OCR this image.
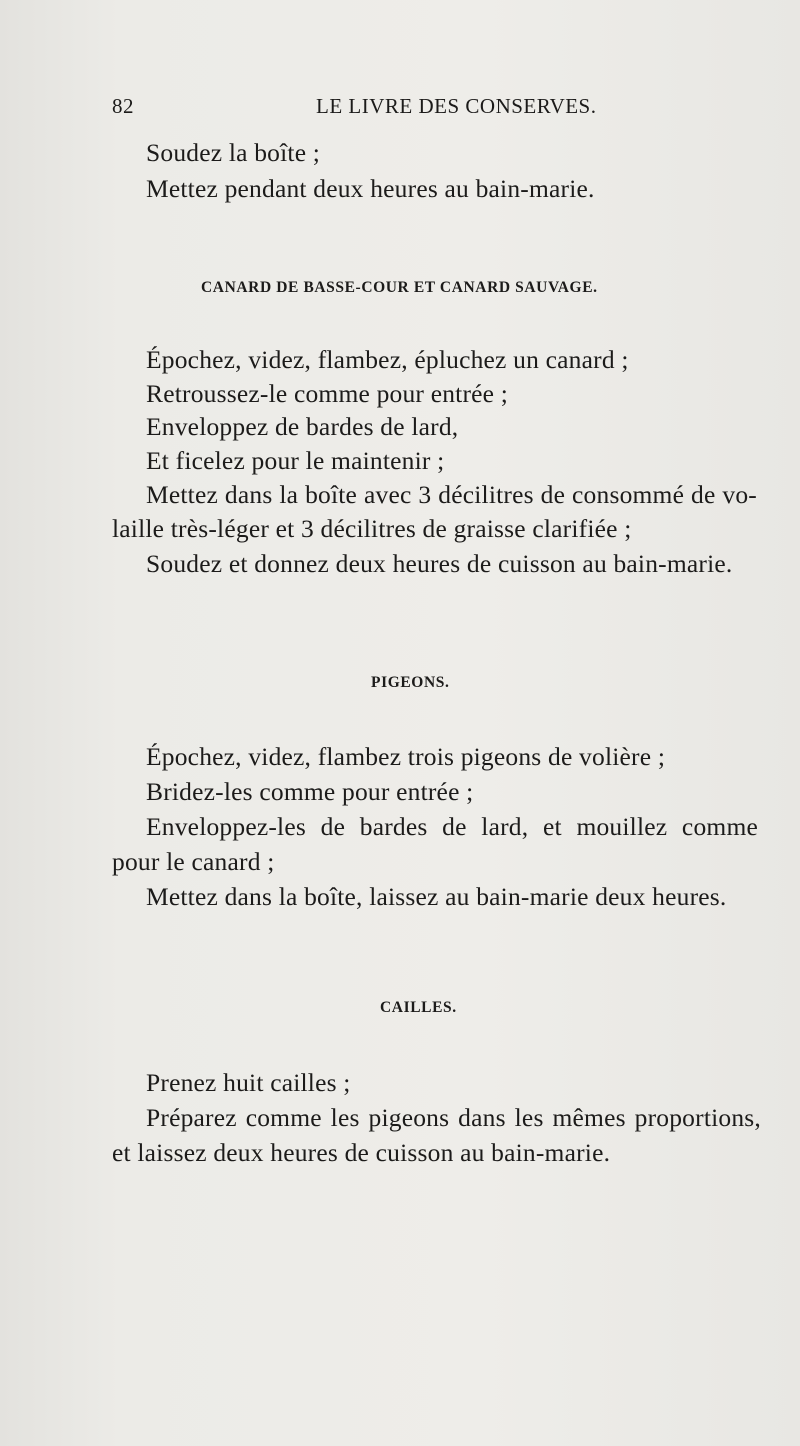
82	LE LIVRE DES CONSERVES.
Soudez la boîte ;
Mettez pendant deux heures au bain-marie.
CANARD DE BASSE-COUR ET CANARD SAUVAGE.
Épochez, videz, flambez, épluchez un canard ;
Retroussez-le comme pour entrée ;
Enveloppez de bardes de lard,
Et ficelez pour le maintenir ;
Mettez dans la boîte avec 3 décilitres de consommé de vo-
laille très-léger et 3 décilitres de graisse clarifiée ;
Soudez et donnez deux heures de cuisson au bain-marie.
PIGEONS.
Épochez, videz, flambez trois pigeons de volière ;
Bridez-les comme pour entrée ;
Enveloppez-les de bardes de lard, et mouillez comme
pour le canard ;
Mettez dans la boîte, laissez au bain-marie deux heures.
CAILLES.
Prenez huit cailles ;
Préparez comme les pigeons dans les mêmes proportions,
et laissez deux heures de cuisson au bain-marie.
